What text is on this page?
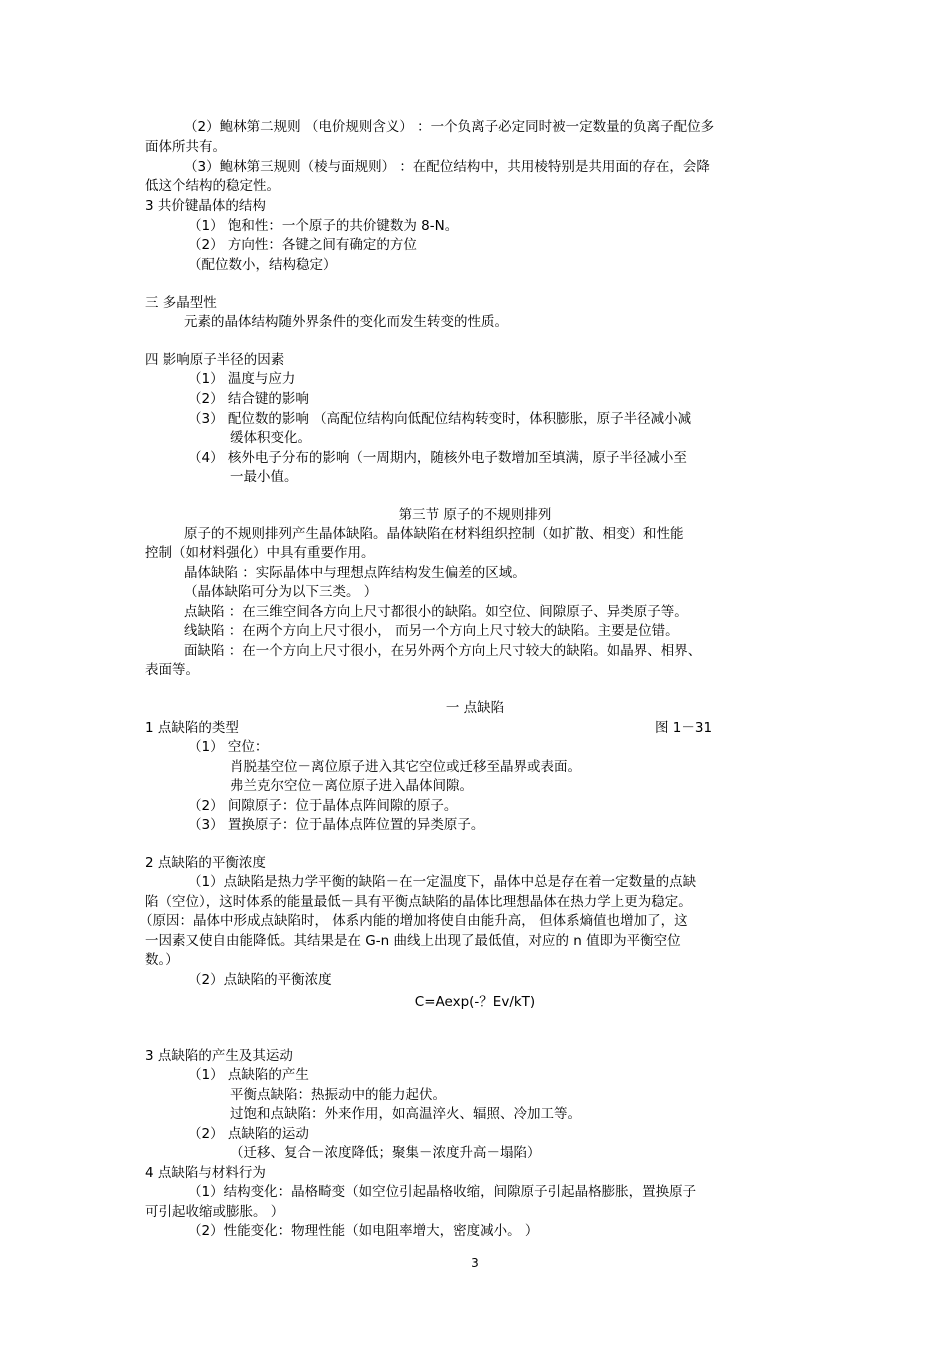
（2）鲍林第二规则 （电价规则含义） ：一个负离子必定同时被一定数量的负离子配位多
面体所共有。
（3）鲍林第三规则（棱与面规则） ：在配位结构中，共用棱特别是共用面的存在，会降
低这个结构的稳定性。
3 共价键晶体的结构
（1） 饱和性：一个原子的共价键数为 8-N。
（2） 方向性：各键之间有确定的方位
（配位数小，结构稳定）
三 多晶型性
元素的晶体结构随外界条件的变化而发生转变的性质。
四 影响原子半径的因素
（1） 温度与应力
（2） 结合键的影响
（3） 配位数的影响 （高配位结构向低配位结构转变时，体积膨胀，原子半径减小减
缓体积变化。
（4） 核外电子分布的影响（一周期内，随核外电子数增加至填满，原子半径减小至
一最小值。
第三节 原子的不规则排列
原子的不规则排列产生晶体缺陷。晶体缺陷在材料组织控制（如扩散、相变）和性能
控制（如材料强化）中具有重要作用。
晶体缺陷 ：实际晶体中与理想点阵结构发生偏差的区域。
（晶体缺陷可分为以下三类。 ）
点缺陷 ：在三维空间各方向上尺寸都很小的缺陷。如空位、间隙原子、异类原子等。
线缺陷 ：在两个方向上尺寸很小， 而另一个方向上尺寸较大的缺陷。主要是位错。
面缺陷 ：在一个方向上尺寸很小，在另外两个方向上尺寸较大的缺陷。如晶界、相界、
表面等。
一 点缺陷
1 点缺陷的类型	图 1－31
（1） 空位：
肖脱基空位－离位原子进入其它空位或迁移至晶界或表面。
弗兰克尔空位－离位原子进入晶体间隙。
（2） 间隙原子：位于晶体点阵间隙的原子。
（3） 置换原子：位于晶体点阵位置的异类原子。
2 点缺陷的平衡浓度
（1）点缺陷是热力学平衡的缺陷－在一定温度下，晶体中总是存在着一定数量的点缺
陷（空位），这时体系的能量最低－具有平衡点缺陷的晶体比理想晶体在热力学上更为稳定。
（原因：晶体中形成点缺陷时， 体系内能的增加将使自由能升高， 但体系熵值也增加了，这
一因素又使自由能降低。其结果是在 G-n 曲线上出现了最低值，对应的 n 值即为平衡空位
数。）
（2）点缺陷的平衡浓度
C=Aexp(-？Ev/kT)
3 点缺陷的产生及其运动
（1） 点缺陷的产生
平衡点缺陷：热振动中的能力起伏。
过饱和点缺陷：外来作用，如高温淬火、辐照、冷加工等。
（2） 点缺陷的运动
（迁移、复合－浓度降低；聚集－浓度升高－塌陷）
4 点缺陷与材料行为
（1）结构变化：晶格畸变（如空位引起晶格收缩，间隙原子引起晶格膨胀，置换原子
可引起收缩或膨胀。 ）
（2）性能变化：物理性能（如电阻率增大，密度减小。 ）
3
